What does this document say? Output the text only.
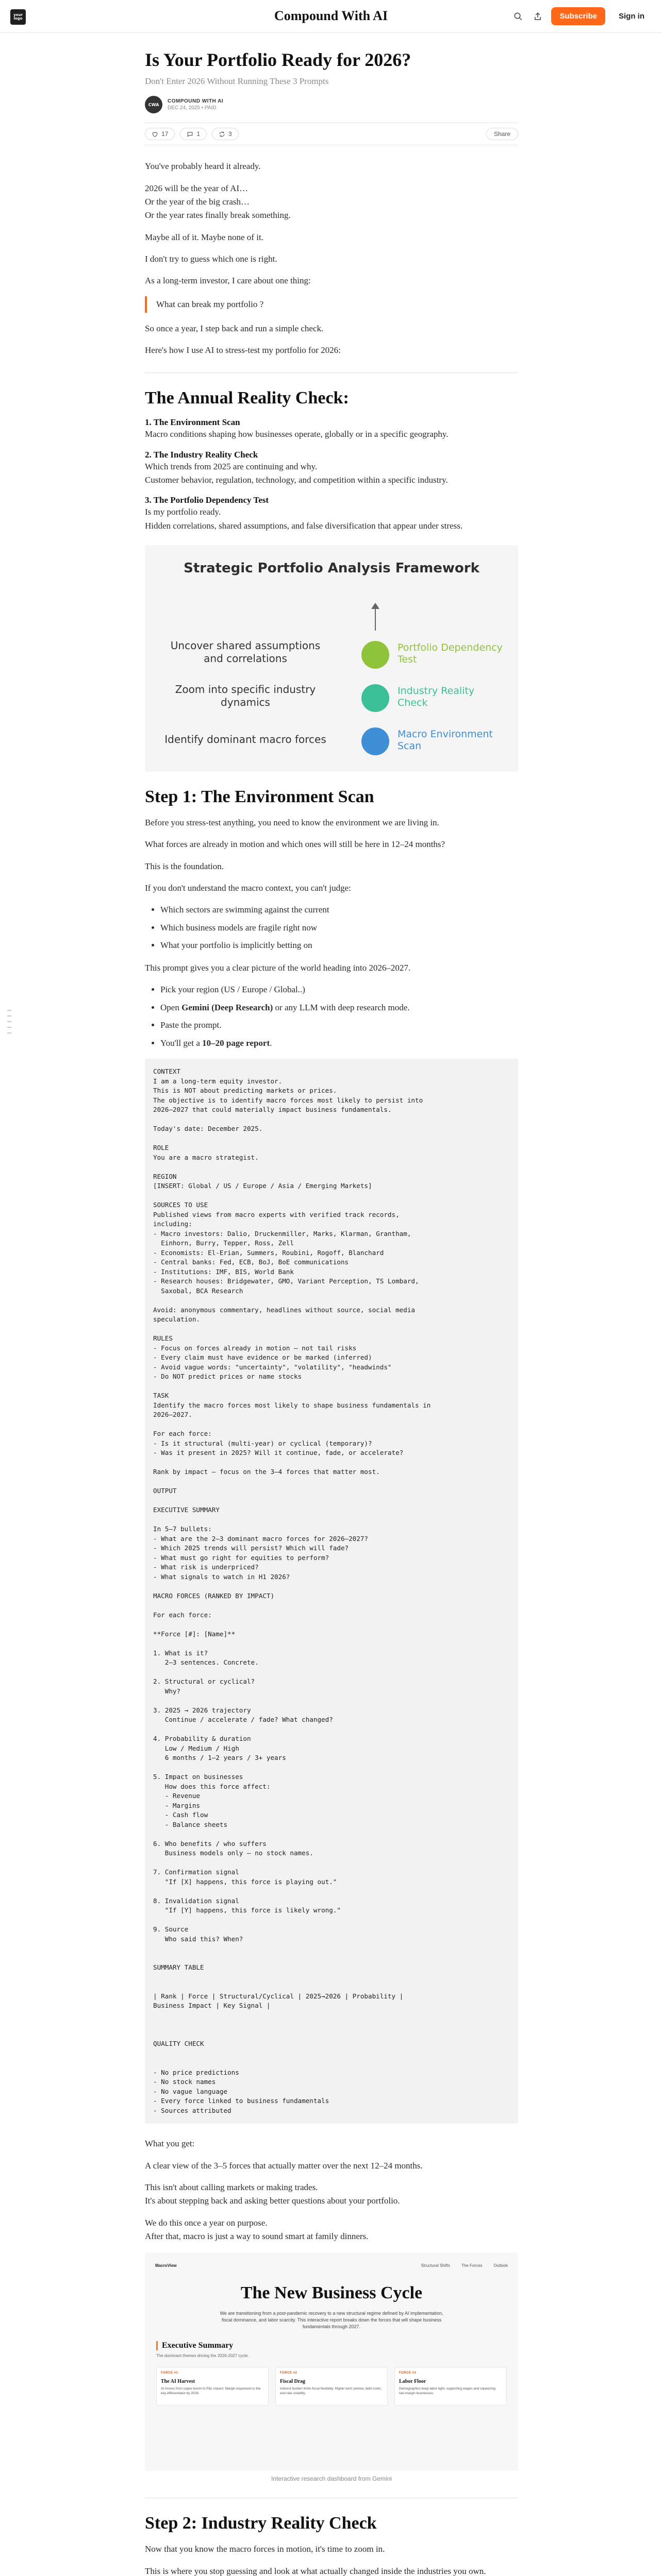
your logo	Compound With AI	Subscribe	Sign in
Is Your Portfolio Ready for 2026?
Don't Enter 2026 Without Running These 3 Prompts
CWA
COMPOUND WITH AI
DEC 24, 2025 • PAID
17	1	3	Share

You've probably heard it already.

2026 will be the year of AI…

Or the year of the big crash…

Or the year rates finally break something.

Maybe all of it. Maybe none of it.

I don't try to guess which one is right.

As a long-term investor, I care about one thing:

What can break my portfolio ?

So once a year, I step back and run a simple check.

Here's how I use AI to stress-test my portfolio for 2026:

The Annual Reality Check:
1. The Environment Scan

Macro conditions shaping how businesses operate, globally or in a specific geography.

2. The Industry Reality Check

Which trends from 2025 are continuing and why.

Customer behavior, regulation, technology, and competition within a specific industry.

3. The Portfolio Dependency Test

Is my portfolio ready.

Hidden correlations, shared assumptions, and false diversification that appear under stress.

Strategic Portfolio Analysis Framework
Uncover shared assumptions and correlations
Portfolio Dependency Test
Zoom into specific industry dynamics
Industry Reality Check
Identify dominant macro forces	Macro Environment Scan
Step 1: The Environment Scan

Before you stress-test anything, you need to know the environment we are living in.

What forces are already in motion and which ones will still be here in 12–24 months?

This is the foundation.

If you don't understand the macro context, you can't judge:

• Which sectors are swimming against the current
• Which business models are fragile right now
• What your portfolio is implicitly betting on

This prompt gives you a clear picture of the world heading into 2026–2027.

• Pick your region (US / Europe / Global..)
• Open Gemini (Deep Research) or any LLM with deep research mode.
• Paste the prompt.
• You'll get a 10–20 page report.
CONTEXT
I am a long-term equity investor.
This is NOT about predicting markets or prices.
The objective is to identify macro forces most likely to persist into
2026–2027 that could materially impact business fundamentals.

Today's date: December 2025.

ROLE
You are a macro strategist.

REGION
[INSERT: Global / US / Europe / Asia / Emerging Markets]

SOURCES TO USE
Published views from macro experts with verified track records,
including:
- Macro investors: Dalio, Druckenmiller, Marks, Klarman, Grantham,
Einhorn, Burry, Tepper, Ross, Zell
- Economists: El-Erian, Summers, Roubini, Rogoff, Blanchard
- Central banks: Fed, ECB, BoJ, BoE communications
- Institutions: IMF, BIS, World Bank
- Research houses: Bridgewater, GMO, Variant Perception, TS Lombard,
Saxobal, BCA Research

Avoid: anonymous commentary, headlines without source, social media
speculation.

RULES
- Focus on forces already in motion — not tail risks
- Every claim must have evidence or be marked (inferred)
- Avoid vague words: "uncertainty", "volatility", "headwinds"
- Do NOT predict prices or name stocks

TASK
Identify the macro forces most likely to shape business fundamentals in
2026–2027.

For each force:
- Is it structural (multi-year) or cyclical (temporary)?
- Was it present in 2025? Will it continue, fade, or accelerate?

Rank by impact — focus on the 3–4 forces that matter most.

OUTPUT

EXECUTIVE SUMMARY

In 5–7 bullets:
- What are the 2–3 dominant macro forces for 2026–2027?
- Which 2025 trends will persist? Which will fade?
- What must go right for equities to perform?
- What risk is underpriced?
- What signals to watch in H1 2026?

MACRO FORCES (RANKED BY IMPACT)

For each force:

**Force [#]: [Name]**

1. What is it?
2–3 sentences. Concrete.

2. Structural or cyclical?
Why?

3. 2025 → 2026 trajectory
Continue / accelerate / fade? What changed?

4. Probability & duration
Low / Medium / High
6 months / 1–2 years / 3+ years

5. Impact on businesses
How does this force affect:
- Revenue
- Margins
- Cash flow
- Balance sheets

6. Who benefits / who suffers
Business models only — no stock names.

7. Confirmation signal
"If [X] happens, this force is playing out."

8. Invalidation signal
"If [Y] happens, this force is likely wrong."

9. Source
Who said this? When?

SUMMARY TABLE

| Rank | Force | Structural/Cyclical | 2025→2026 | Probability |
Business Impact | Key Signal |

QUALITY CHECK

- No price predictions
- No stock names
- No vague language
- Every force linked to business fundamentals
- Sources attributed

What you get:

A clear view of the 3–5 forces that actually matter over the next 12–24 months.

This isn't about calling markets or making trades.

It's about stepping back and asking better questions about your portfolio.

We do this once a year on purpose.

After that, macro is just a way to sound smart at family dinners.

MacroView	Structural Shifts	The Forces	Outlook
The New Business Cycle
We are transitioning from a post-pandemic recovery to a new structural regime defined by AI implementation, fiscal dominance, and labor scarcity. This interactive report breaks down the forces that will shape business fundamentals through 2027.
Executive Summary
The dominant themes driving the 2026-2027 cycle.
FORCE #1
The AI Harvest
AI moves from capex boom to P&L impact. Margin expansion is the key differentiator by 2026.
FORCE #2
Fiscal Drag
Interest burden limits fiscal flexibility. Higher term premia, debt costs, and rate volatility.
FORCE #3
Labor Floor
Demographics keep labor tight, supporting wages and squeezing low-margin businesses.
Interactive research dashboard from Gemini
Step 2: Industry Reality Check

Now that you know the macro forces in motion, it's time to zoom in.

This is where you stop guessing and look at what actually changed inside the industries you own.
